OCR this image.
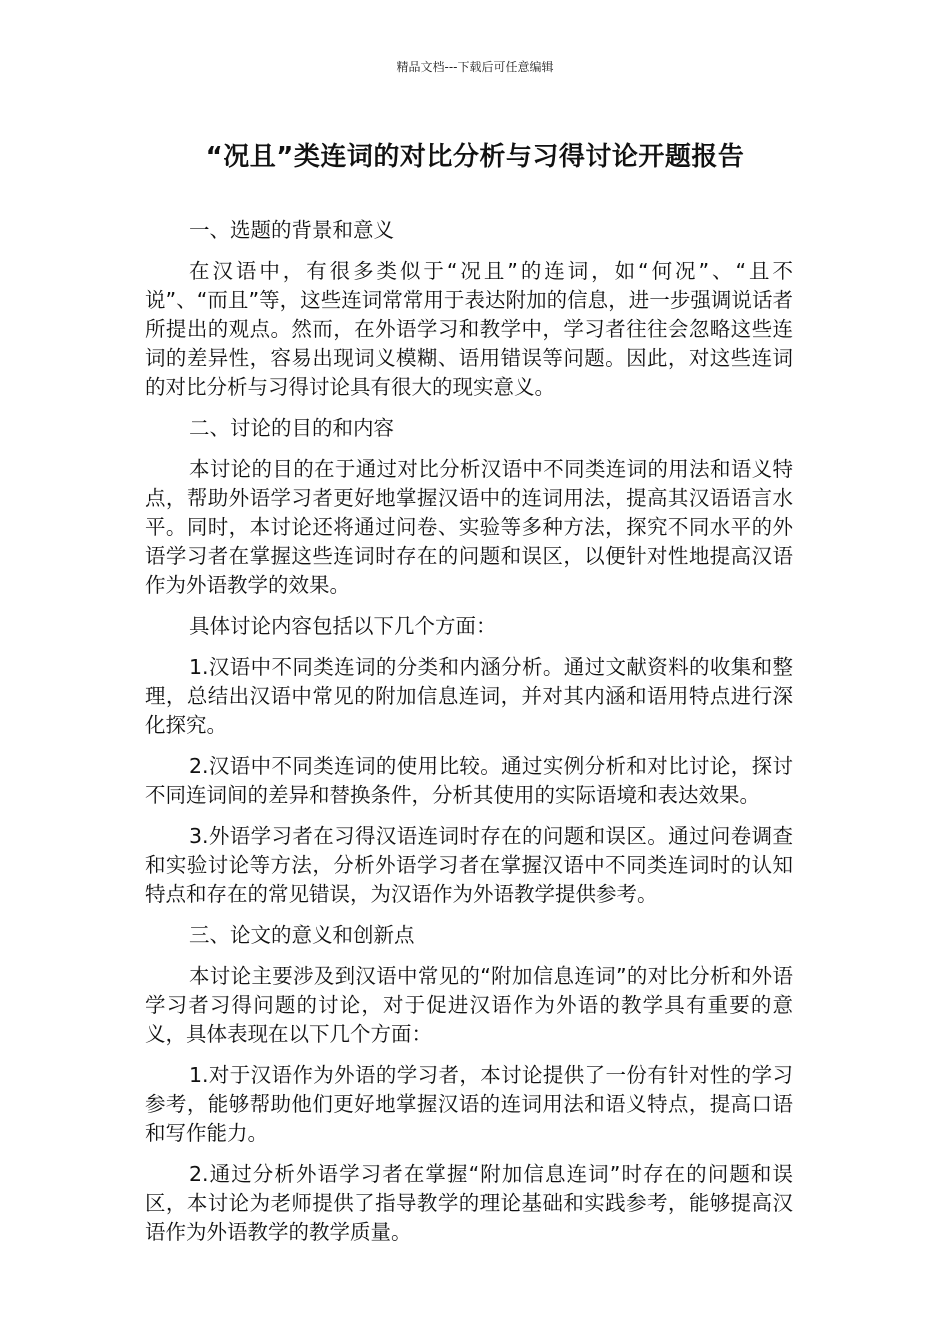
精品文档---下载后可任意编辑
“况且”类连词的对比分析与习得讨论开题报告

一、选题的背景和意义

在汉语中，有很多类似于“况且”的连词，如“何况”、“且不说”、“而且”等，这些连词常常用于表达附加的信息，进一步强调说话者所提出的观点。然而，在外语学习和教学中，学习者往往会忽略这些连词的差异性，容易出现词义模糊、语用错误等问题。因此，对这些连词的对比分析与习得讨论具有很大的现实意义。

二、讨论的目的和内容

本讨论的目的在于通过对比分析汉语中不同类连词的用法和语义特点，帮助外语学习者更好地掌握汉语中的连词用法，提高其汉语语言水平。同时，本讨论还将通过问卷、实验等多种方法，探究不同水平的外语学习者在掌握这些连词时存在的问题和误区，以便针对性地提高汉语作为外语教学的效果。

具体讨论内容包括以下几个方面：

1.汉语中不同类连词的分类和内涵分析。通过文献资料的收集和整理，总结出汉语中常见的附加信息连词，并对其内涵和语用特点进行深化探究。

2.汉语中不同类连词的使用比较。通过实例分析和对比讨论，探讨不同连词间的差异和替换条件，分析其使用的实际语境和表达效果。

3.外语学习者在习得汉语连词时存在的问题和误区。通过问卷调查和实验讨论等方法，分析外语学习者在掌握汉语中不同类连词时的认知特点和存在的常见错误，为汉语作为外语教学提供参考。

三、论文的意义和创新点

本讨论主要涉及到汉语中常见的“附加信息连词”的对比分析和外语学习者习得问题的讨论，对于促进汉语作为外语的教学具有重要的意义，具体表现在以下几个方面：

1.对于汉语作为外语的学习者，本讨论提供了一份有针对性的学习参考，能够帮助他们更好地掌握汉语的连词用法和语义特点，提高口语和写作能力。

2.通过分析外语学习者在掌握“附加信息连词”时存在的问题和误区，本讨论为老师提供了指导教学的理论基础和实践参考，能够提高汉语作为外语教学的教学质量。
